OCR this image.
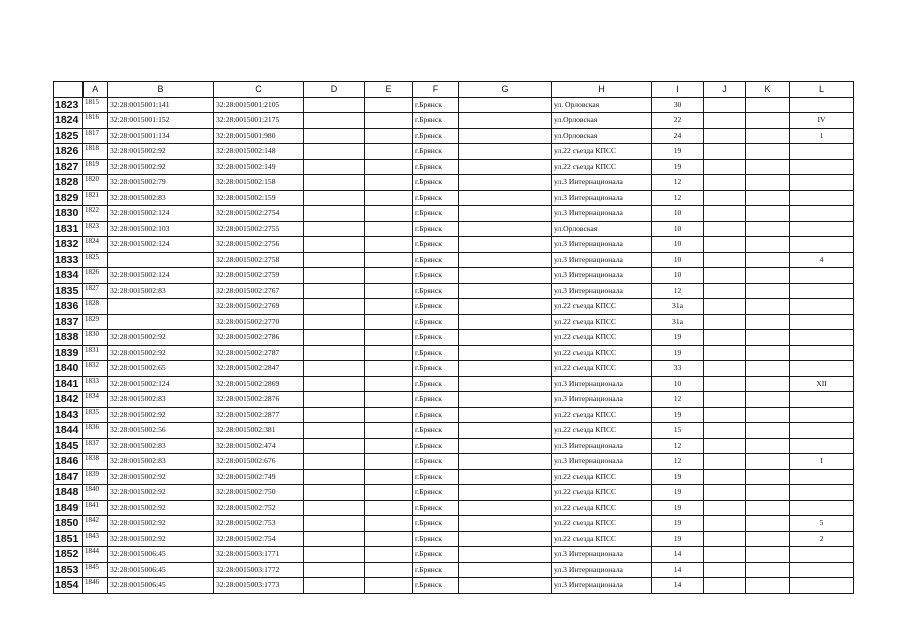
	A	B	C	D	E	F	G	H	I	J	K	L
1823	1815	32:28:0015001:141	32:28:0015001:2105			г.Брянск		ул. Орловская	30			
1824	1816	32:28:0015001:152	32:28:0015001:2175			г.Брянск		ул.Орловская	22			IV
1825	1817	32:28:0015001:134	32:28:0015001:980			г.Брянск		ул.Орловская	24			1
1826	1818	32:28:0015002:92	32:28:0015002:148			г.Брянск		ул.22 съезда КПСС	19			
1827	1819	32:28:0015002:92	32:28:0015002:149			г.Брянск		ул.22 съезда КПСС	19			
1828	1820	32:28:0015002:79	32:28:0015002:158			г.Брянск		ул.3 Интернационала	12			
1829	1821	32:28:0015002:83	32:28:0015002:159			г.Брянск		ул.3 Интернационала	12			
1830	1822	32:28:0015002:124	32:28:0015002:2754			г.Брянск		ул.3 Интернационала	10			
1831	1823	32:28:0015002:103	32:28:0015002:2755			г.Брянск		ул.Орловская	10			
1832	1824	32:28:0015002:124	32:28:0015002:2756			г.Брянск		ул.3 Интернационала	10			
1833	1825		32:28:0015002:2758			г.Брянск		ул.3 Интернационала	10			4
1834	1826	32:28:0015002:124	32:28:0015002:2759			г.Брянск		ул.3 Интернационала	10			
1835	1827	32:28:0015002:83	32:28:0015002:2767			г.Брянск		ул.3 Интернационала	12			
1836	1828		32:28:0015002:2769			г.Брянск		ул.22 съезда КПСС	31a			
1837	1829		32:28:0015002:2770			г.Брянск		ул.22 съезда КПСС	31a			
1838	1830	32:28:0015002:92	32:28:0015002:2786			г.Брянск		ул.22 съезда КПСС	19			
1839	1831	32:28:0015002:92	32:28:0015002:2787			г.Брянск		ул.22 съезда КПСС	19			
1840	1832	32:28:0015002:65	32:28:0015002:2847			г.Брянск		ул.22 съезда КПСС	33			
1841	1833	32:28:0015002:124	32:28:0015002:2869			г.Брянск		ул.3 Интернационала	10			XII
1842	1834	32:28:0015002:83	32:28:0015002:2876			г.Брянск		ул.3 Интернационала	12			
1843	1835	32:28:0015002:92	32:28:0015002:2877			г.Брянск		ул.22 съезда КПСС	19			
1844	1836	32:28:0015002:56	32:28:0015002:381			г.Брянск		ул.22 съезда КПСС	15			
1845	1837	32:28:0015002:83	32:28:0015002:474			г.Брянск		ул.3 Интернационала	12			
1846	1838	32:28:0015002:83	32:28:0015002:676			г.Брянск		ул.3 Интернационала	12			I
1847	1839	32:28:0015002:92	32:28:0015002:749			г.Брянск		ул.22 съезда КПСС	19			
1848	1840	32:28:0015002:92	32:28:0015002:750			г.Брянск		ул.22 съезда КПСС	19			
1849	1841	32:28:0015002:92	32:28:0015002:752			г.Брянск		ул.22 съезда КПСС	19			
1850	1842	32:28:0015002:92	32:28:0015002:753			г.Брянск		ул.22 съезда КПСС	19			5
1851	1843	32:28:0015002:92	32:28:0015002:754			г.Брянск		ул.22 съезда КПСС	19			2
1852	1844	32:28:0015006:45	32:28:0015003:1771			г.Брянск		ул.3 Интернационала	14			
1853	1845	32:28:0015006:45	32:28:0015003:1772			г.Брянск		ул.3 Интернационала	14			
1854	1846	32:28:0015006:45	32:28:0015003:1773			г.Брянск		ул.3 Интернационала	14			
